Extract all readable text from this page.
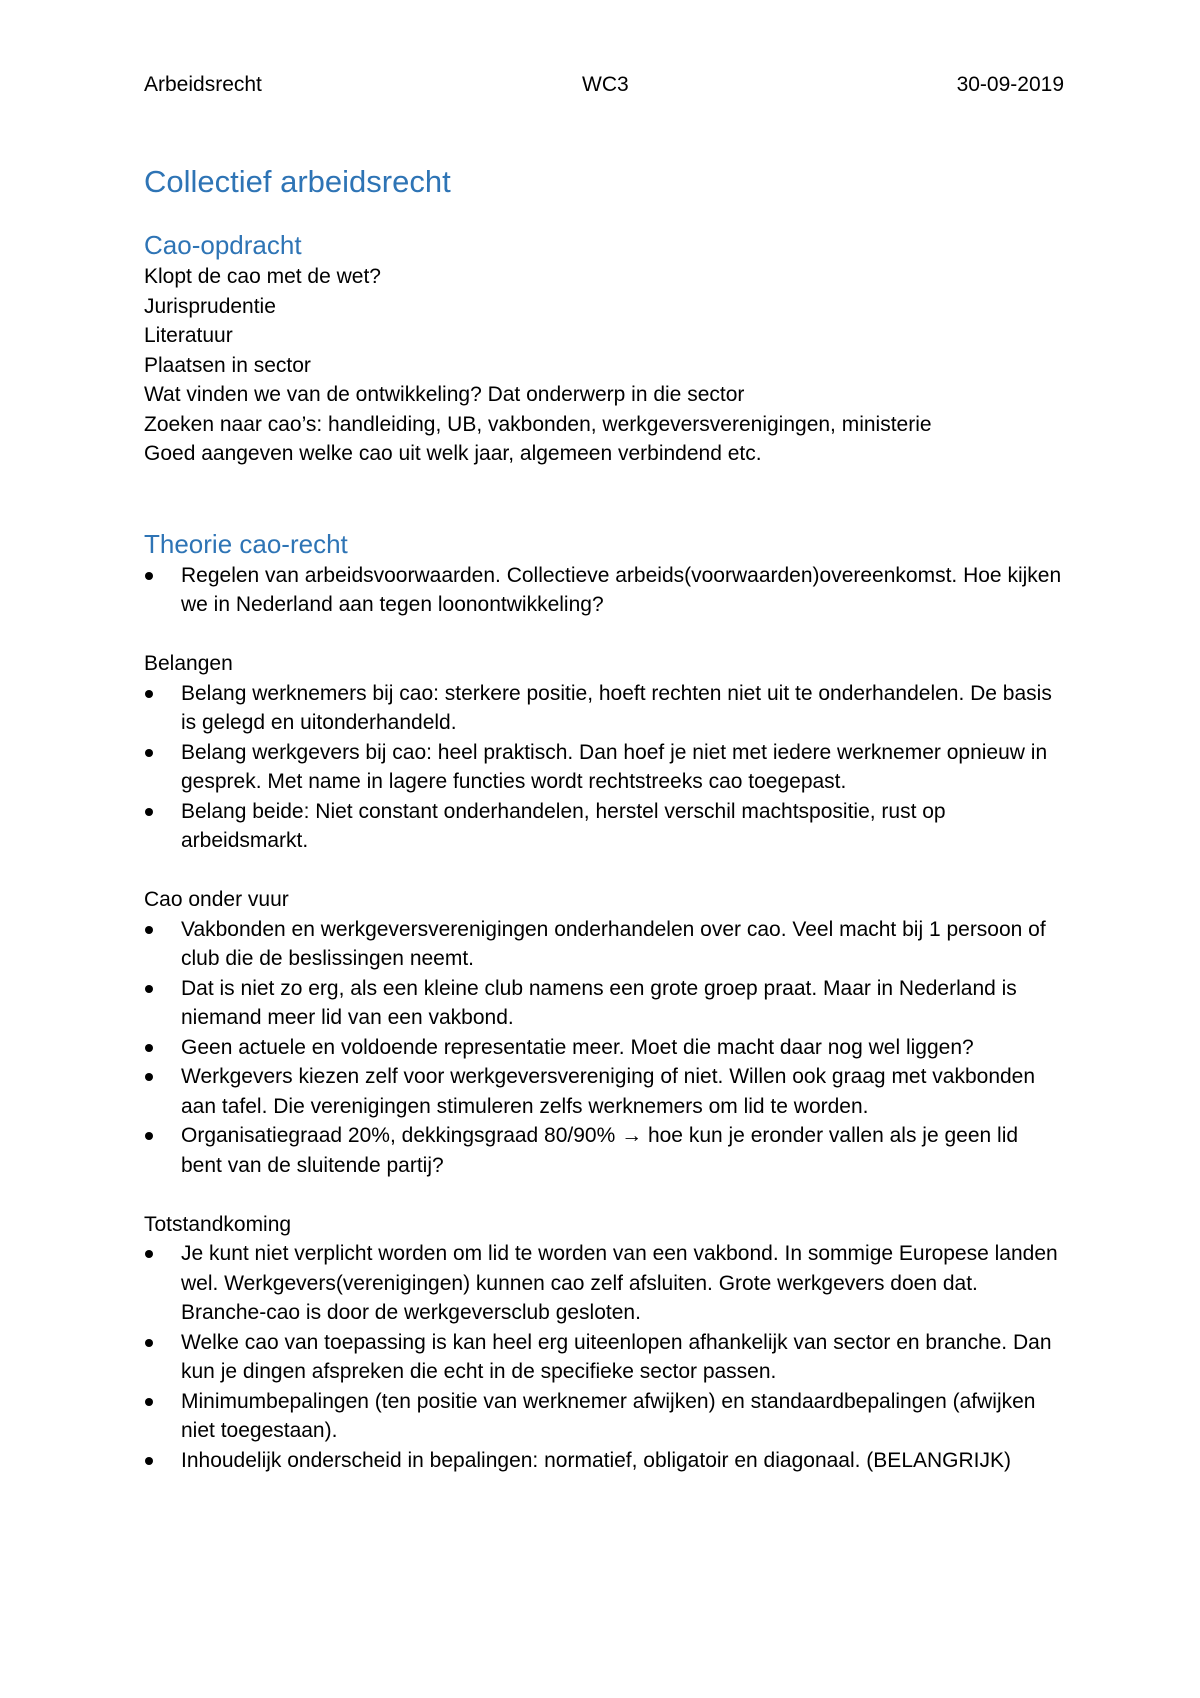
Arbeidsrecht	WC3	30-09-2019
Collectief arbeidsrecht
Cao-opdracht

Klopt de cao met de wet?

Jurisprudentie

Literatuur

Plaatsen in sector

Wat vinden we van de ontwikkeling? Dat onderwerp in die sector

Zoeken naar cao’s: handleiding, UB, vakbonden, werkgeversverenigingen, ministerie

Goed aangeven welke cao uit welk jaar, algemeen verbindend etc.

Theorie cao-recht
Regelen van arbeidsvoorwaarden. Collectieve arbeids(voorwaarden)overeenkomst. Hoe kijken we in Nederland aan tegen loonontwikkeling?

Belangen

Belang werknemers bij cao: sterkere positie, hoeft rechten niet uit te onderhandelen. De basis is gelegd en uitonderhandeld.
Belang werkgevers bij cao: heel praktisch. Dan hoef je niet met iedere werknemer opnieuw in gesprek. Met name in lagere functies wordt rechtstreeks cao toegepast.
Belang beide: Niet constant onderhandelen, herstel verschil machtspositie, rust op arbeidsmarkt.

Cao onder vuur

Vakbonden en werkgeversverenigingen onderhandelen over cao. Veel macht bij 1 persoon of club die de beslissingen neemt.
Dat is niet zo erg, als een kleine club namens een grote groep praat. Maar in Nederland is niemand meer lid van een vakbond.
Geen actuele en voldoende representatie meer. Moet die macht daar nog wel liggen?
Werkgevers kiezen zelf voor werkgeversvereniging of niet. Willen ook graag met vakbonden aan tafel. Die verenigingen stimuleren zelfs werknemers om lid te worden.
Organisatiegraad 20%, dekkingsgraad 80/90% → hoe kun je eronder vallen als je geen lid bent van de sluitende partij?

Totstandkoming

Je kunt niet verplicht worden om lid te worden van een vakbond. In sommige Europese landen wel. Werkgevers(verenigingen) kunnen cao zelf afsluiten. Grote werkgevers doen dat. Branche-cao is door de werkgeversclub gesloten.
Welke cao van toepassing is kan heel erg uiteenlopen afhankelijk van sector en branche. Dan kun je dingen afspreken die echt in de specifieke sector passen.
Minimumbepalingen (ten positie van werknemer afwijken) en standaardbepalingen (afwijken niet toegestaan).
Inhoudelijk onderscheid in bepalingen: normatief, obligatoir en diagonaal. (BELANGRIJK)
